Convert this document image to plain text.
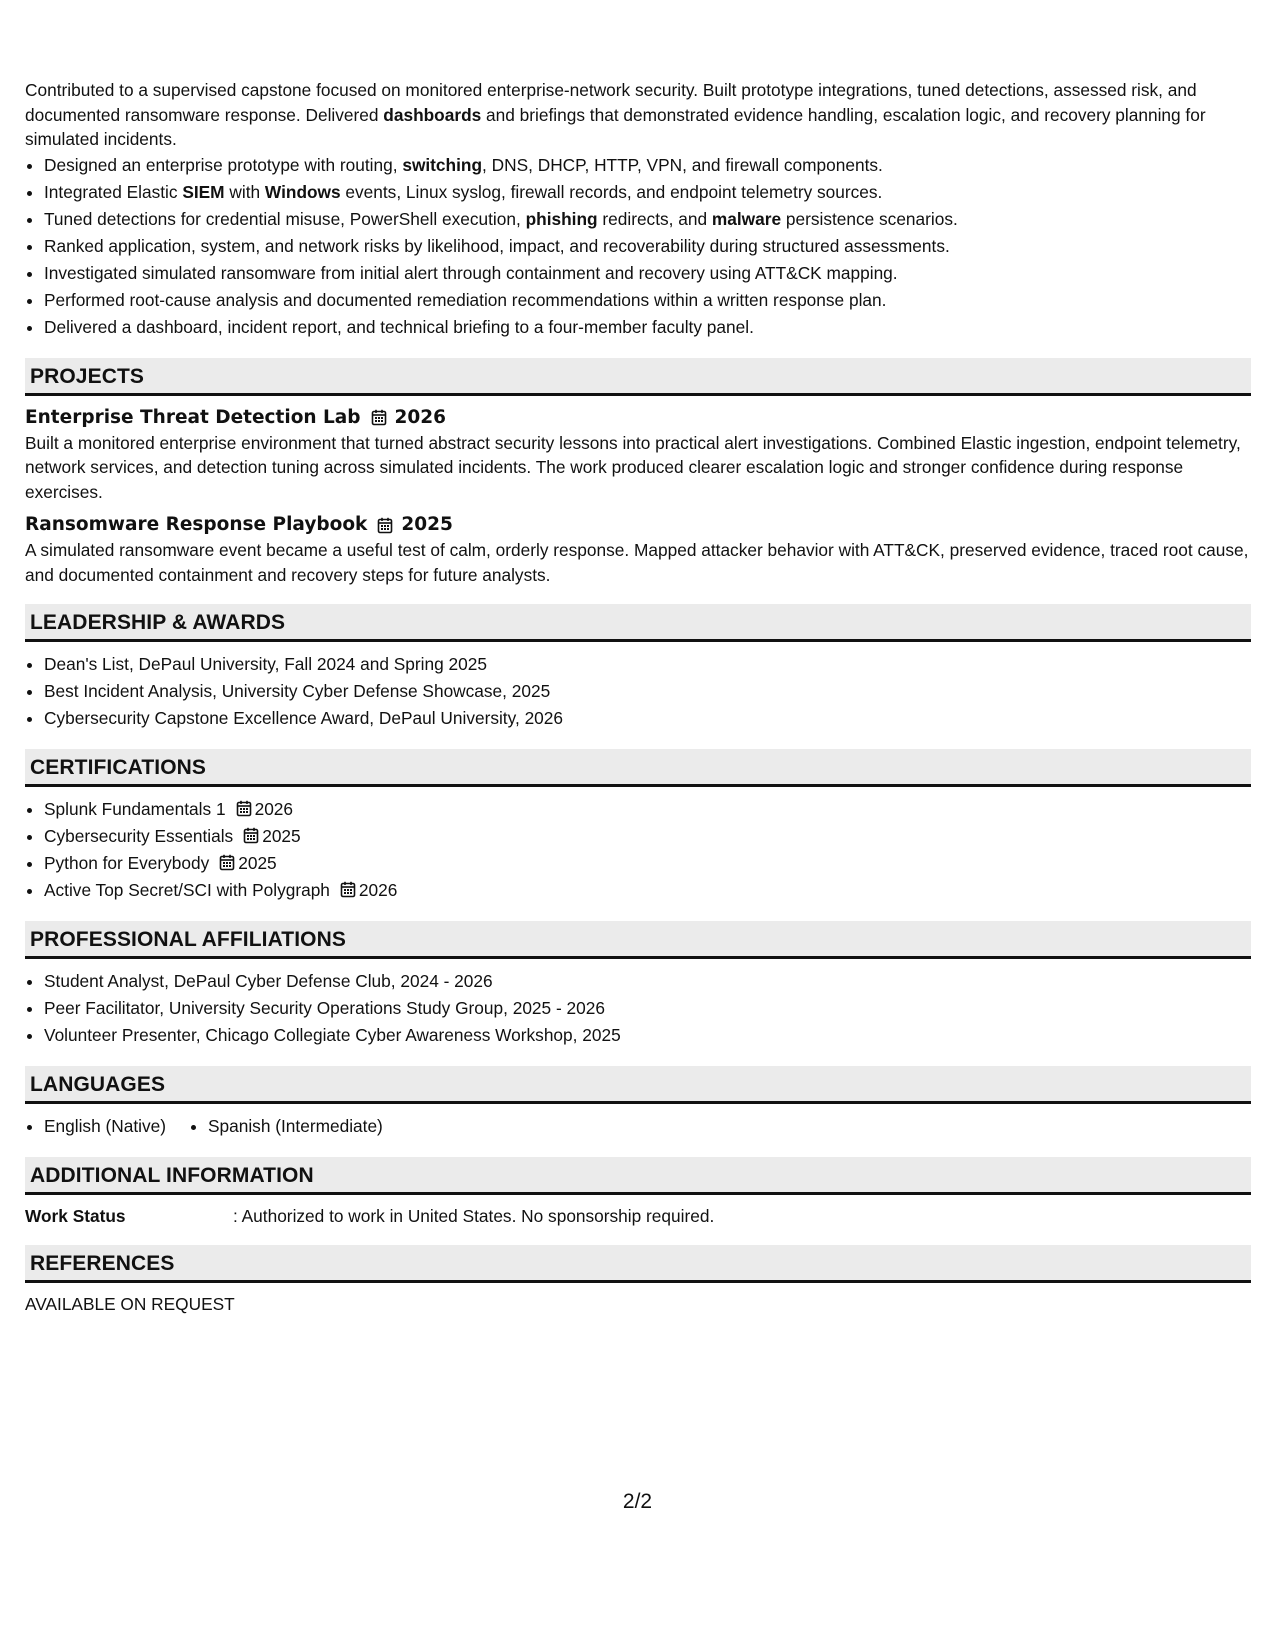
Contributed to a supervised capstone focused on monitored enterprise-network security. Built prototype integrations, tuned detections, assessed risk, and documented ransomware response. Delivered dashboards and briefings that demonstrated evidence handling, escalation logic, and recovery planning for simulated incidents.

• Designed an enterprise prototype with routing, switching, DNS, DHCP, HTTP, VPN, and firewall components.
• Integrated Elastic SIEM with Windows events, Linux syslog, firewall records, and endpoint telemetry sources.
• Tuned detections for credential misuse, PowerShell execution, phishing redirects, and malware persistence scenarios.
• Ranked application, system, and network risks by likelihood, impact, and recoverability during structured assessments.
• Investigated simulated ransomware from initial alert through containment and recovery using ATT&CK mapping.
• Performed root-cause analysis and documented remediation recommendations within a written response plan.
• Delivered a dashboard, incident report, and technical briefing to a four-member faculty panel.
PROJECTS
Enterprise Threat Detection Lab 2026

Built a monitored enterprise environment that turned abstract security lessons into practical alert investigations. Combined Elastic ingestion, endpoint telemetry, network services, and detection tuning across simulated incidents. The work produced clearer escalation logic and stronger confidence during response exercises.

Ransomware Response Playbook 2025

A simulated ransomware event became a useful test of calm, orderly response. Mapped attacker behavior with ATT&CK, preserved evidence, traced root cause, and documented containment and recovery steps for future analysts.

LEADERSHIP & AWARDS
• Dean's List, DePaul University, Fall 2024 and Spring 2025
• Best Incident Analysis, University Cyber Defense Showcase, 2025
• Cybersecurity Capstone Excellence Award, DePaul University, 2026
CERTIFICATIONS
• Splunk Fundamentals 1 2026
• Cybersecurity Essentials 2025
• Python for Everybody 2025
• Active Top Secret/SCI with Polygraph 2026
PROFESSIONAL AFFILIATIONS
• Student Analyst, DePaul Cyber Defense Club, 2024 - 2026
• Peer Facilitator, University Security Operations Study Group, 2025 - 2026
• Volunteer Presenter, Chicago Collegiate Cyber Awareness Workshop, 2025
LANGUAGES
• English (Native)
• Spanish (Intermediate)
ADDITIONAL INFORMATION
Work Status	: Authorized to work in United States. No sponsorship required.
REFERENCES

AVAILABLE ON REQUEST

2/2
